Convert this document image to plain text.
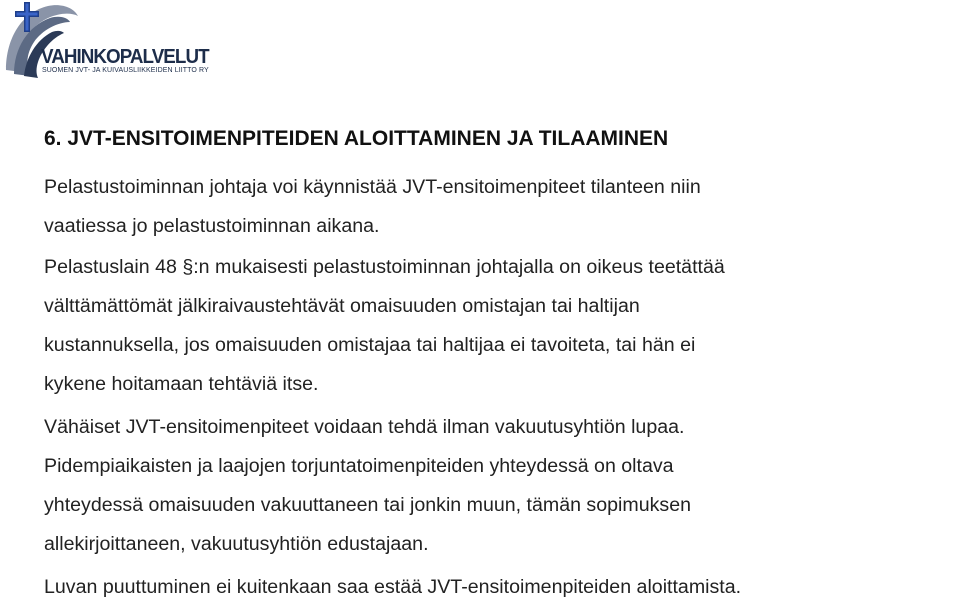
VAHINKOPALVELUT
SUOMEN JVT- JA KUIVAUSLIIKKEIDEN LIITTO RY
6. JVT-ENSITOIMENPITEIDEN ALOITTAMINEN JA TILAAMINEN

Pelastustoiminnan johtaja voi käynnistää JVT-ensitoimenpiteet tilanteen niin
vaatiessa jo pelastustoiminnan aikana.

Pelastuslain 48 §:n mukaisesti pelastustoiminnan johtajalla on oikeus teetättää
välttämättömät jälkiraivaustehtävät omaisuuden omistajan tai haltijan
kustannuksella, jos omaisuuden omistajaa tai haltijaa ei tavoiteta, tai hän ei
kykene hoitamaan tehtäviä itse.

Vähäiset JVT-ensitoimenpiteet voidaan tehdä ilman vakuutusyhtiön lupaa.
Pidempiaikaisten ja laajojen torjuntatoimenpiteiden yhteydessä on oltava
yhteydessä omaisuuden vakuuttaneen tai jonkin muun, tämän sopimuksen
allekirjoittaneen, vakuutusyhtiön edustajaan.

Luvan puuttuminen ei kuitenkaan saa estää JVT-ensitoimenpiteiden aloittamista.
